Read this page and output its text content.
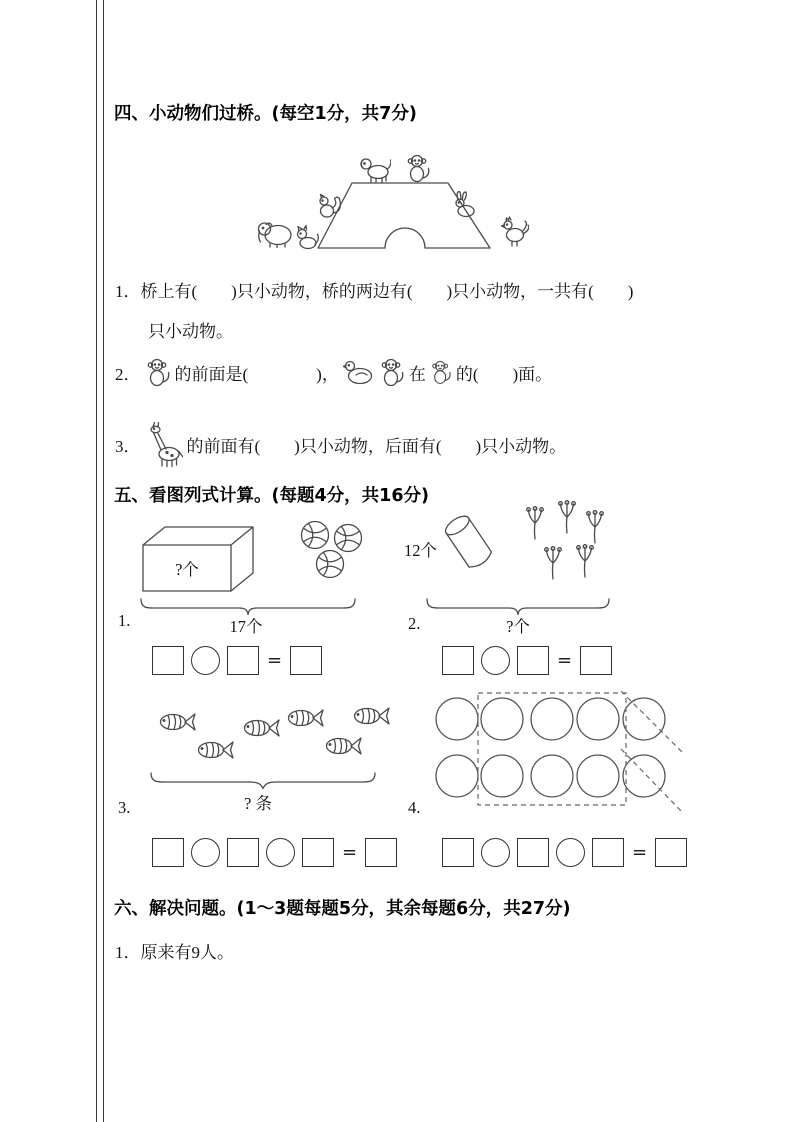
四、小动物们过桥。(每空1分，共7分)
1．桥上有(　　)只小动物，桥的两边有(　　)只小动物，一共有(　　)
只小动物。
2． 的前面是(　　　　)，	在 的(　　)面。
3．	的前面有(　　)只小动物，后面有(　　)只小动物。
五、看图列式计算。(每题4分，共16分)
?个
1.	17个
=
12个
2.	?个
=
3.	? 条
=
4.
=
六、解决问题。(1～3题每题5分，其余每题6分，共27分)
1．原来有9人。
